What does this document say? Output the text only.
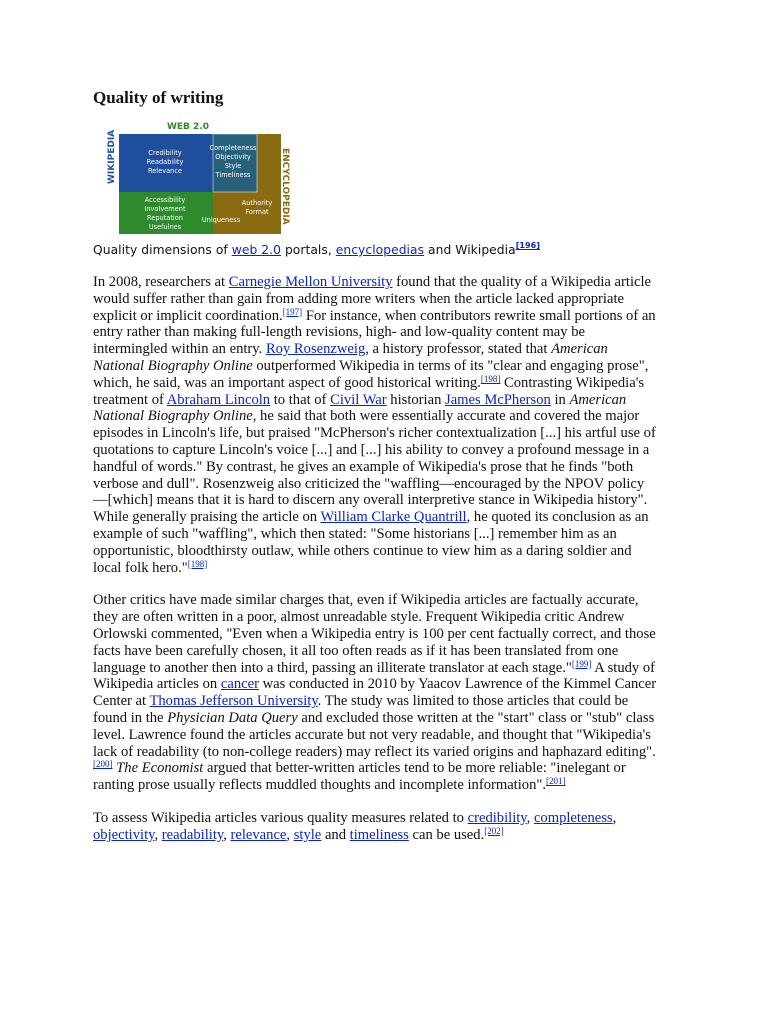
Quality of writing
WEB 2.0
WIKIPEDIA	ENCYCLOPEDIA
Credibility
Readability
Relevance
Completeness
Objectivity
Style
Timeliness
Accessibility
Involvement
Reputation
Usefulnes
Uniqueness
Authority
Format
Quality dimensions of web 2.0 portals, encyclopedias and Wikipedia[196]

In 2008, researchers at Carnegie Mellon University found that the quality of a Wikipedia article would suffer rather than gain from adding more writers when the article lacked appropriate explicit or implicit coordination.[197] For instance, when contributors rewrite small portions of an entry rather than making full-length revisions, high- and low-quality content may be intermingled within an entry. Roy Rosenzweig, a history professor, stated that American National Biography Online outperformed Wikipedia in terms of its "clear and engaging prose", which, he said, was an important aspect of good historical writing.[198] Contrasting Wikipedia's treatment of Abraham Lincoln to that of Civil War historian James McPherson in American National Biography Online, he said that both were essentially accurate and covered the major episodes in Lincoln's life, but praised "McPherson's richer contextualization [...] his artful use of quotations to capture Lincoln's voice [...] and [...] his ability to convey a profound message in a handful of words." By contrast, he gives an example of Wikipedia's prose that he finds "both verbose and dull". Rosenzweig also criticized the "waffling—encouraged by the NPOV policy—[which] means that it is hard to discern any overall interpretive stance in Wikipedia history". While generally praising the article on William Clarke Quantrill, he quoted its conclusion as an example of such "waffling", which then stated: "Some historians [...] remember him as an opportunistic, bloodthirsty outlaw, while others continue to view him as a daring soldier and local folk hero."[198]

Other critics have made similar charges that, even if Wikipedia articles are factually accurate, they are often written in a poor, almost unreadable style. Frequent Wikipedia critic Andrew Orlowski commented, "Even when a Wikipedia entry is 100 per cent factually correct, and those facts have been carefully chosen, it all too often reads as if it has been translated from one language to another then into a third, passing an illiterate translator at each stage."[199] A study of Wikipedia articles on cancer was conducted in 2010 by Yaacov Lawrence of the Kimmel Cancer Center at Thomas Jefferson University. The study was limited to those articles that could be found in the Physician Data Query and excluded those written at the "start" class or "stub" class level. Lawrence found the articles accurate but not very readable, and thought that "Wikipedia's lack of readability (to non-college readers) may reflect its varied origins and haphazard editing".[200] The Economist argued that better-written articles tend to be more reliable: "inelegant or ranting prose usually reflects muddled thoughts and incomplete information".[201]

To assess Wikipedia articles various quality measures related to credibility, completeness, objectivity, readability, relevance, style and timeliness can be used.[202]
